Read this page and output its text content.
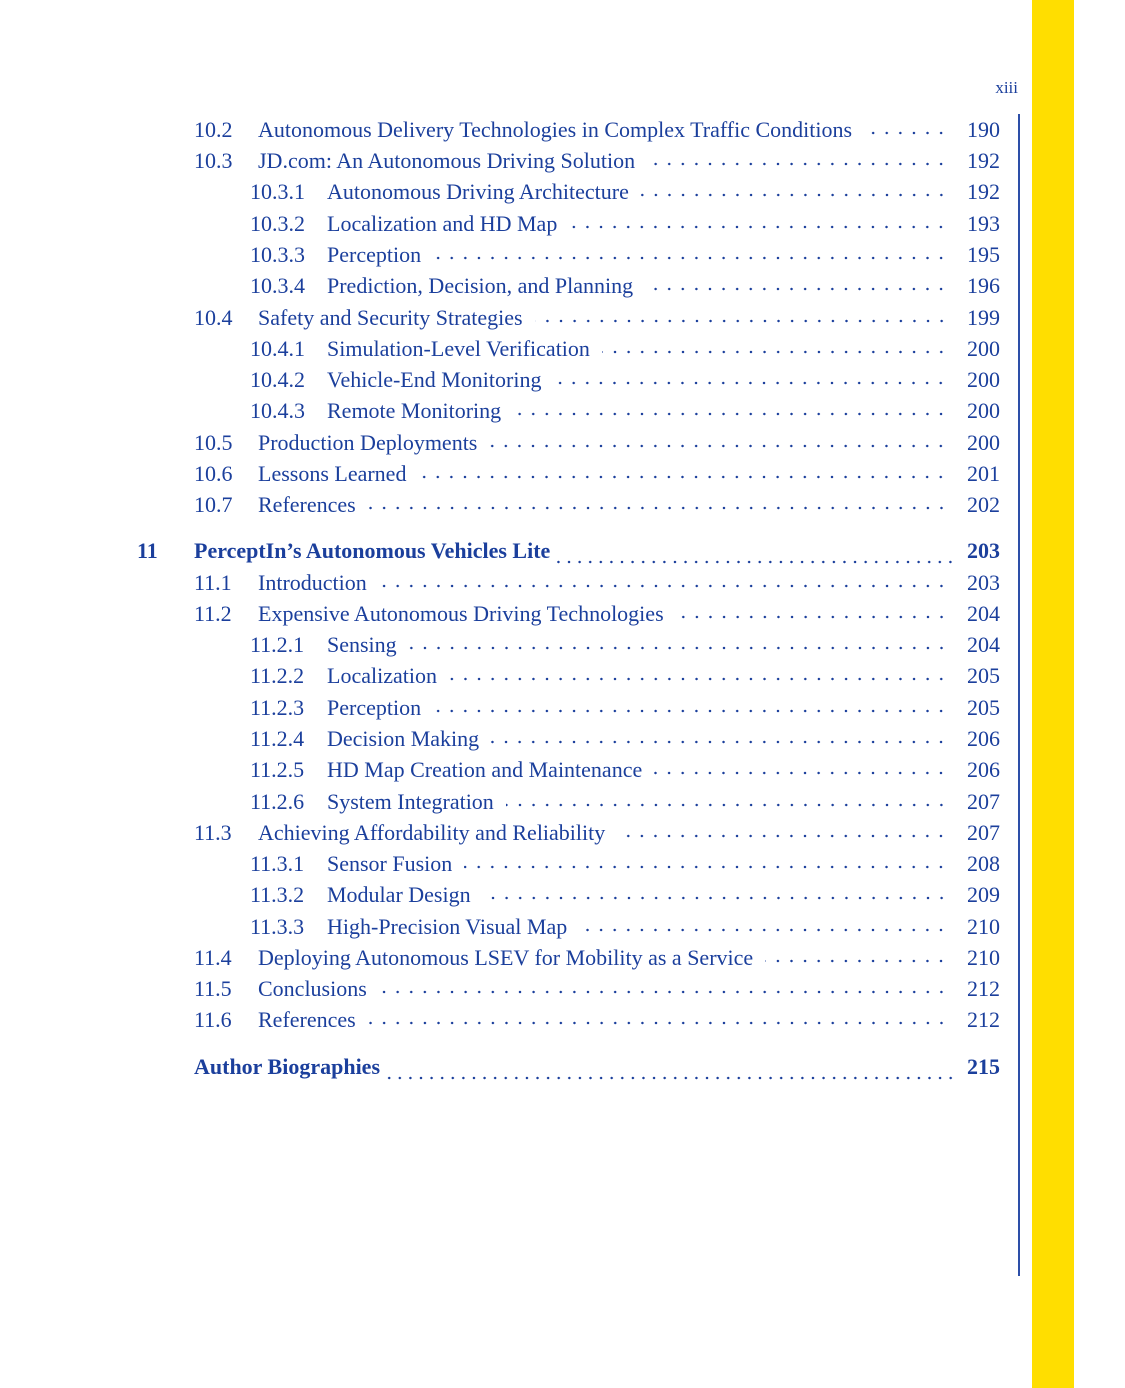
xiii
10.2 Autonomous Delivery Technologies in Complex Traffic Conditions	190
10.3 JD.com: An Autonomous Driving Solution	192
10.3.1 Autonomous Driving Architecture	192
10.3.2 Localization and HD Map	193
10.3.3 Perception	195
10.3.4 Prediction, Decision, and Planning	196
10.4 Safety and Security Strategies	199
10.4.1 Simulation-Level Verification	200
10.4.2 Vehicle-End Monitoring	200
10.4.3 Remote Monitoring	200
10.5 Production Deployments	200
10.6 Lessons Learned	201
10.7 References	202
11 PerceptIn’s Autonomous Vehicles Lite	203
11.1 Introduction	203
11.2 Expensive Autonomous Driving Technologies	204
11.2.1 Sensing	204
11.2.2 Localization	205
11.2.3 Perception	205
11.2.4 Decision Making	206
11.2.5 HD Map Creation and Maintenance	206
11.2.6 System Integration	207
11.3 Achieving Affordability and Reliability	207
11.3.1 Sensor Fusion	208
11.3.2 Modular Design	209
11.3.3 High-Precision Visual Map	210
11.4 Deploying Autonomous LSEV for Mobility as a Service	210
11.5 Conclusions	212
11.6 References	212
Author Biographies	215
